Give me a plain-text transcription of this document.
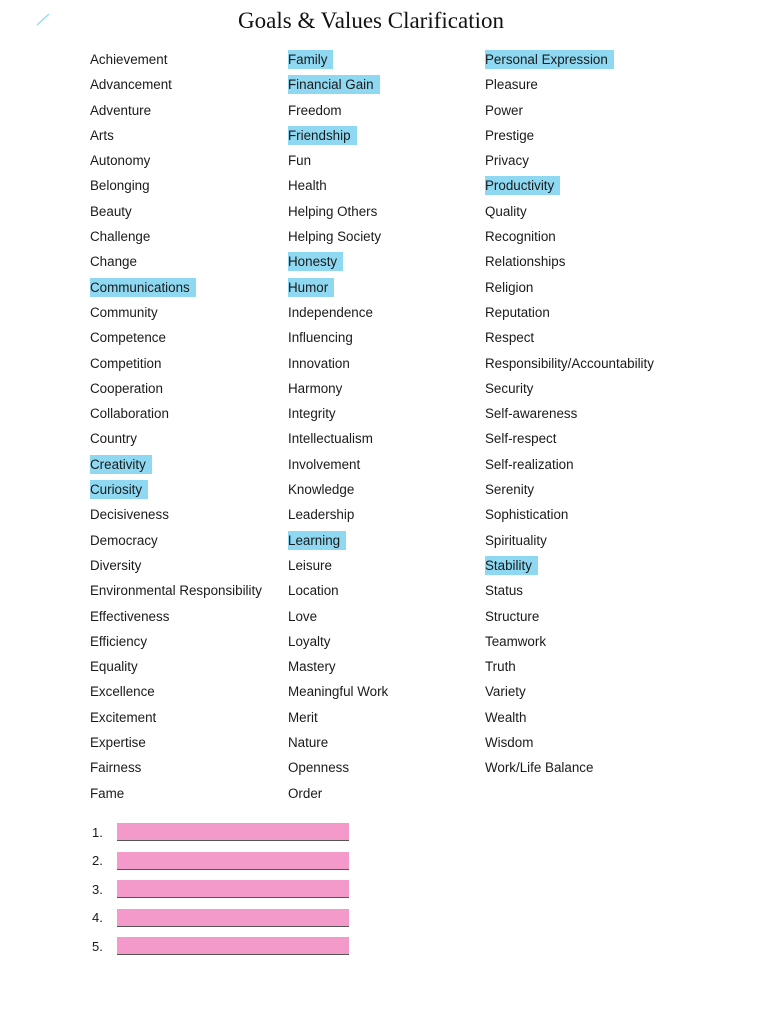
Goals & Values Clarification
Achievement
Advancement
Adventure
Arts
Autonomy
Belonging
Beauty
Challenge
Change
Communications
Community
Competence
Competition
Cooperation
Collaboration
Country
Creativity
Curiosity
Decisiveness
Democracy
Diversity
Environmental Responsibility
Effectiveness
Efficiency
Equality
Excellence
Excitement
Expertise
Fairness
Fame
Family
Financial Gain
Freedom
Friendship
Fun
Health
Helping Others
Helping Society
Honesty
Humor
Independence
Influencing
Innovation
Harmony
Integrity
Intellectualism
Involvement
Knowledge
Leadership
Learning
Leisure
Location
Love
Loyalty
Mastery
Meaningful Work
Merit
Nature
Openness
Order
Personal Expression
Pleasure
Power
Prestige
Privacy
Productivity
Quality
Recognition
Relationships
Religion
Reputation
Respect
Responsibility/Accountability
Security
Self-awareness
Self-respect
Self-realization
Serenity
Sophistication
Spirituality
Stability
Status
Structure
Teamwork
Truth
Variety
Wealth
Wisdom
Work/Life Balance
1.
2.
3.
4.
5.
